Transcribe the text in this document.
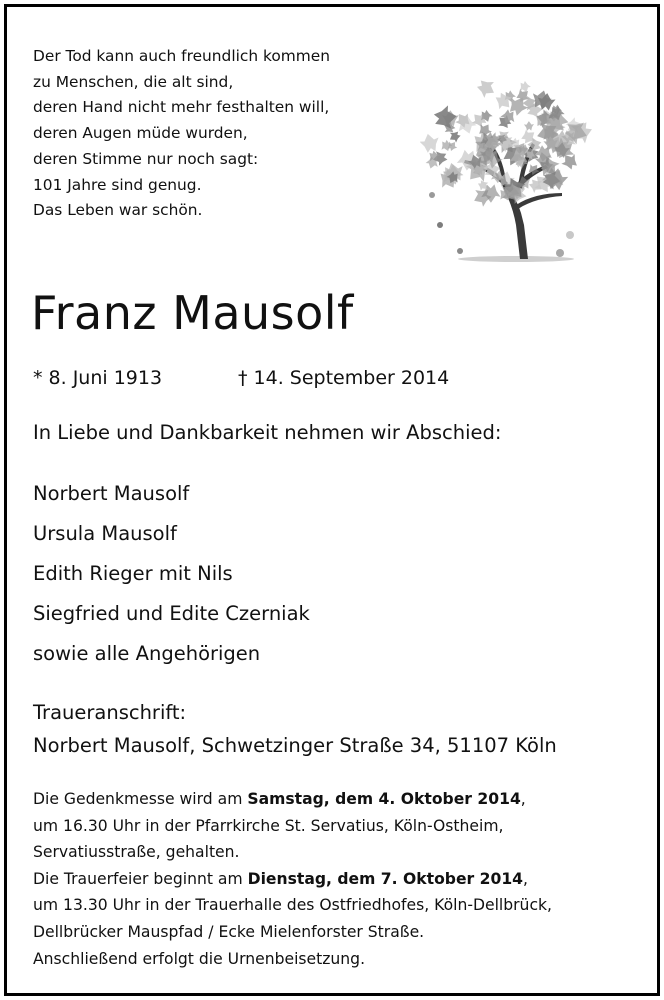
Der Tod kann auch freundlich kommen
zu Menschen, die alt sind,
deren Hand nicht mehr festhalten will,
deren Augen müde wurden,
deren Stimme nur noch sagt:
101 Jahre sind genug.
Das Leben war schön.
Franz Mausolf
* 8. Juni 1913	† 14. September 2014
In Liebe und Dankbarkeit nehmen wir Abschied:
Norbert Mausolf
Ursula Mausolf
Edith Rieger mit Nils
Siegfried und Edite Czerniak
sowie alle Angehörigen
Traueranschrift:
Norbert Mausolf, Schwetzinger Straße 34, 51107 Köln
Die Gedenkmesse wird am Samstag, dem 4. Oktober 2014,
um 16.30 Uhr in der Pfarrkirche St. Servatius, Köln-Ostheim,
Servatiusstraße, gehalten.
Die Trauerfeier beginnt am Dienstag, dem 7. Oktober 2014,
um 13.30 Uhr in der Trauerhalle des Ostfriedhofes, Köln-Dellbrück,
Dellbrücker Mauspfad / Ecke Mielenforster Straße.
Anschließend erfolgt die Urnenbeisetzung.
